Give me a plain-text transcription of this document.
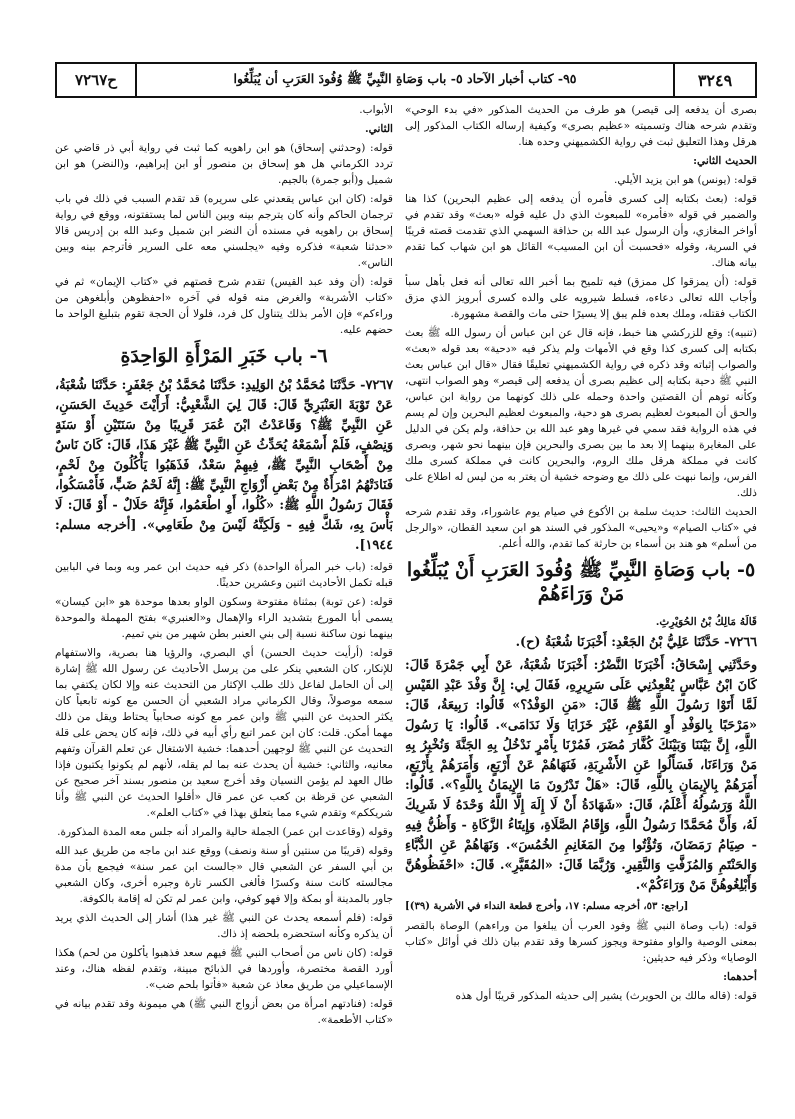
٣٢٤٩
٩٥- كتاب أخبار الآحاد ٥- باب وَصَاةِ النَّبِيِّ ﷺ وُفُودَ العَرَبِ أن يُبَلِّغُوا
ح٧٢٦٧

بصرى أن يدفعه إلى قيصر) هو طرف من الحديث المذكور «في بدء الوحي» وتقدم شرحه هناك وتسميته «عظيم بصرى» وكيفية إرساله الكتاب المذكور إلى هرقل وهذا التعليق ثبت في رواية الكشميهني وحده هنا.

الحديث الثاني:

قوله: (يونس) هو ابن يزيد الأيلي.

قوله: (بعث بكتابه إلى كسرى فأمره أن يدفعه إلى عظيم البحرين) كذا هنا والضمير في قوله «فأمره» للمبعوث الذي دل عليه قوله «بعث» وقد تقدم في أواخر المغازي، وأن الرسول عبد الله بن حذافة السهمي الذي تقدمت قصته قريبًا في السرية، وقوله «فحسبت أن ابن المسيب» القائل هو ابن شهاب كما تقدم بيانه هناك.

قوله: (أن يمزقوا كل ممزق) فيه تلميح بما أخبر الله تعالى أنه فعل بأهل سبأ وأجاب الله تعالى دعاءه، فسلط شيرويه على والده كسرى أبرويز الذي مزق الكتاب فقتله، وملك بعده فلم يبق إلا يسيرًا حتى مات والقصة مشهورة.

(تنبيه): وقع للزركشي هنا خبط، فإنه قال عن ابن عباس أن رسول الله ﷺ بعث بكتابه إلى كسرى كذا وقع في الأمهات ولم يذكر فيه «دحية» بعد قوله «بعث» والصواب إثباته وقد ذكره في رواية الكشميهني تعليقًا فقال «قال ابن عباس بعث النبي ﷺ دحية بكتابه إلى عظيم بصرى أن يدفعه إلى قيصر» وهو الصواب انتهى، وكأنه توهم أن القصتين واحدة وحمله على ذلك كونهما من رواية ابن عباس، والحق أن المبعوث لعظيم بصرى هو دحية، والمبعوث لعظيم البحرين وإن لم يسم في هذه الرواية فقد سمي في غيرها وهو عبد الله بن حذافة، ولم يكن في الدليل على المغايرة بينهما إلا بعد ما بين بصرى والبحرين فإن بينهما نحو شهر، وبصرى كانت في مملكة هرقل ملك الروم، والبحرين كانت في مملكة كسرى ملك الفرس، وإنما نبهت على ذلك مع وضوحه خشية أن يغتر به من ليس له اطلاع على ذلك.

الحديث الثالث: حديث سلمة بن الأكوع في صيام يوم عاشوراء، وقد تقدم شرحه في «كتاب الصيام» و«يحيى» المذكور في السند هو ابن سعيد القطان، «والرجل من أسلم» هو هند بن أسماء بن حارثة كما تقدم، والله أعلم.

٥- باب وَصَاةِ النَّبِيِّ ﷺ وُفُودَ العَرَبِ أَنْ يُبَلِّغُوا مَنْ وَرَاءَهُمْ

قَالَهُ مَالِكُ بْنُ الحُوَيْرِثِ.

٧٢٦٦- حَدَّثَنَا عَلِيُّ بْنُ الجَعْدِ: أَخْبَرَنَا شُعْبَةُ (ح).

وحَدَّثَنِي إِسْحَاقُ: أَخْبَرَنَا النَّضْرُ: أَخْبَرَنَا شُعْبَةُ، عَنْ أَبِي جَمْرَةَ قَالَ: كَانَ ابْنُ عَبَّاسٍ يُقْعِدُنِي عَلَى سَرِيرِهِ، فَقَالَ لِي: إِنَّ وَفْدَ عَبْدِ القَيْسِ لَمَّا أَتَوْا رَسُولَ اللَّهِ ﷺ قَالَ: «مَنِ الوَفْدُ؟» قَالُوا: رَبِيعَةُ، قَالَ: «مَرْحَبًا بِالوَفْدِ أَوِ القَوْمِ، غَيْرَ خَزَايَا وَلَا نَدَامَى». قَالُوا: يَا رَسُولَ اللَّهِ، إِنَّ بَيْنَنَا وَبَيْنَكَ كُفَّارَ مُضَرَ، فَمُرْنَا بِأَمْرٍ نَدْخُلُ بِهِ الجَنَّةَ وَنُخْبِرُ بِهِ مَنْ وَرَاءَنَا، فَسَأَلُوا عَنِ الأَشْرِبَةِ، فَنَهَاهُمْ عَنْ أَرْبَعٍ، وَأَمَرَهُمْ بِأَرْبَعٍ، أَمَرَهُمْ بِالإِيمَانِ بِاللَّهِ، قَالَ: «هَلْ تَدْرُونَ مَا الإِيمَانُ بِاللَّهِ؟». قَالُوا: اللَّهُ وَرَسُولُهُ أَعْلَمُ، قَالَ: «شَهَادَةُ أَنْ لَا إِلَهَ إِلَّا اللَّهُ وَحْدَهُ لَا شَرِيكَ لَهُ، وَأَنَّ مُحَمَّدًا رَسُولُ اللَّهِ، وَإِقَامُ الصَّلَاةِ، وَإِيتَاءُ الزَّكَاةِ - وَأَظُنُّ فِيهِ - صِيَامُ رَمَضَانَ، وَتُؤْتُوا مِنَ المَغَانِمِ الخُمُسَ». وَنَهَاهُمْ عَنِ الدُّبَّاءِ وَالحَنْتَمِ وَالمُزَفَّتِ وَالنَّقِيرِ. وَرُبَّمَا قَالَ: «المُقَيَّرِ». قَالَ: «احْفَظُوهُنَّ وَأَبْلِغُوهُنَّ مَنْ وَرَاءَكُمْ».

[راجع: ٥٣، أخرجه مسلم: ١٧، وأخرج قطعة النداء في الأشربة (٣٩)]

قوله: (باب وصاة النبي ﷺ وفود العرب أن يبلغوا من وراءهم) الوصاة بالقصر بمعنى الوصية والواو مفتوحة ويجوز كسرها وقد تقدم بيان ذلك في أوائل «كتاب الوصايا» وذكر فيه حديثين:

أحدهما:

قوله: (قاله مالك بن الحويرث) يشير إلى حديثه المذكور قريبًا أول هذه

الأبواب.

الثاني.

قوله: (وحدثني إسحاق) هو ابن راهويه كما ثبت في رواية أبي ذر قاضي عن تردد الكرماني هل هو إسحاق بن منصور أو ابن إبراهيم، و(النضر) هو ابن شميل و(أبو جمرة) بالجيم.

قوله: (كان ابن عباس يقعدني على سريره) قد تقدم السبب في ذلك في باب ترجمان الحاكم وأنه كان يترجم بينه وبين الناس لما يستفتونه، ووقع في رواية إسحاق بن راهويه في مسنده أن النضر ابن شميل وعبد الله بن إدريس قالا «حدثنا شعبة» فذكره وفيه «يجلسني معه على السرير فأترجم بينه وبين الناس».

قوله: (أن وفد عبد القيس) تقدم شرح قصتهم في «كتاب الإيمان» ثم في «كتاب الأشربة» والغرض منه قوله في آخره «احفظوهن وأبلغوهن من وراءكم» فإن الأمر بذلك يتناول كل فرد، فلولا أن الحجة تقوم بتبليغ الواحد ما حضهم عليه.

٦- باب خَبَرِ المَرْأَةِ الوَاحِدَةِ

٧٢٦٧- حَدَّثَنَا مُحَمَّدُ بْنُ الوَلِيدِ: حَدَّثَنَا مُحَمَّدُ بْنُ جَعْفَرٍ: حَدَّثَنَا شُعْبَةُ، عَنْ تَوْبَةَ العَنْبَرِيِّ قَالَ: قَالَ لِيَ الشَّعْبِيُّ: أَرَأَيْتَ حَدِيثَ الحَسَنِ، عَنِ النَّبِيِّ ﷺ؟ وَقَاعَدْتُ ابْنَ عُمَرَ قَرِيبًا مِنْ سَنَتَيْنِ أَوْ سَنَةٍ وَنِصْفٍ، فَلَمْ أَسْمَعْهُ يُحَدِّثُ عَنِ النَّبِيِّ ﷺ غَيْرَ هَذَا، قَالَ: كَانَ نَاسٌ مِنْ أَصْحَابِ النَّبِيِّ ﷺ، فِيهِمْ سَعْدٌ، فَذَهَبُوا يَأْكُلُونَ مِنْ لَحْمٍ، فَنَادَتْهُمُ امْرَأَةٌ مِنْ بَعْضِ أَزْوَاجِ النَّبِيِّ ﷺ: إِنَّهُ لَحْمُ ضَبٍّ، فَأَمْسَكُوا، فَقَالَ رَسُولُ اللَّهِ ﷺ: «كُلُوا، أَوِ اطْعَمُوا، فَإِنَّهُ حَلَالٌ - أَوْ قَالَ: لَا بَأْسَ بِهِ، شَكَّ فِيهِ - وَلَكِنَّهُ لَيْسَ مِنْ طَعَامِي». [أخرجه مسلم: ١٩٤٤].

قوله: (باب خبر المرأة الواحدة) ذكر فيه حديث ابن عمر وبه وبما في البابين قبله تكمل الأحاديث اثنين وعشرين حديثًا.

قوله: (عن توبة) بمثناة مفتوحة وسكون الواو بعدها موحدة هو «ابن كيسان» يسمى أبا المورع بتشديد الراء والإهمال و«العنبري» بفتح المهملة والموحدة بينهما نون ساكنة نسبة إلى بني العنبر بطن شهير من بني تميم.

قوله: (أرأيت حديث الحسن) أي البصري، والرؤيا هنا بصرية، والاستفهام للإنكار، كان الشعبي ينكر على من يرسل الأحاديث عن رسول الله ﷺ إشارة إلى أن الحامل لفاعل ذلك طلب الإكثار من التحديث عنه وإلا لكان يكتفي بما سمعه موصولاً، وقال الكرماني مراد الشعبي أن الحسن مع كونه تابعياً كان يكثر الحديث عن النبي ﷺ وابن عمر مع كونه صحابياً يحتاط ويقل من ذلك مهما أمكن. قلت: كان ابن عمر اتبع رأي أبيه في ذلك، فإنه كان يحض على قلة التحديث عن النبي ﷺ لوجهين أحدهما: خشية الاشتغال عن تعلم القرآن وتفهم معانيه، والثاني: خشية أن يحدث عنه بما لم يقله، لأنهم لم يكونوا يكتبون فإذا طال العهد لم يؤمن النسيان وقد أخرج سعيد بن منصور بسند آخر صحيح عن الشعبي عن قرظة بن كعب عن عمر قال «أقلوا الحديث عن النبي ﷺ وأنا شريككم» وتقدم شيء مما يتعلق بهذا في «كتاب العلم».

وقوله (وقاعدت ابن عمر) الجملة حالية والمراد أنه جلس معه المدة المذكورة.

وقوله (قريبًا من سنتين أو سنة ونصف) ووقع عند ابن ماجه من طريق عبد الله بن أبي السفر عن الشعبي قال «جالست ابن عمر سنة» فيجمع بأن مدة مجالسته كانت سنة وكسرًا فألغى الكسر تارة وجبره أخرى، وكان الشعبي جاور بالمدينة أو بمكة وإلا فهو كوفي، وابن عمر لم تكن له إقامة بالكوفة.

قوله: (فلم أسمعه يحدث عن النبي ﷺ غير هذا) أشار إلى الحديث الذي يريد أن يذكره وكأنه استحضره بلحضه إذ ذاك.

قوله: (كان ناس من أصحاب النبي ﷺ فيهم سعد فذهبوا يأكلون من لحم) هكذا أورد القصة مختصرة، وأوردها في الذبائح مبينة، وتقدم لفظه هناك، وعند الإسماعيلي من طريق معاذ عن شعبة «فأتوا بلحم ضب».

قوله: (فنادتهم امرأة من بعض أزواج النبي ﷺ) هي ميمونة وقد تقدم بيانه في «كتاب الأطعمة».
